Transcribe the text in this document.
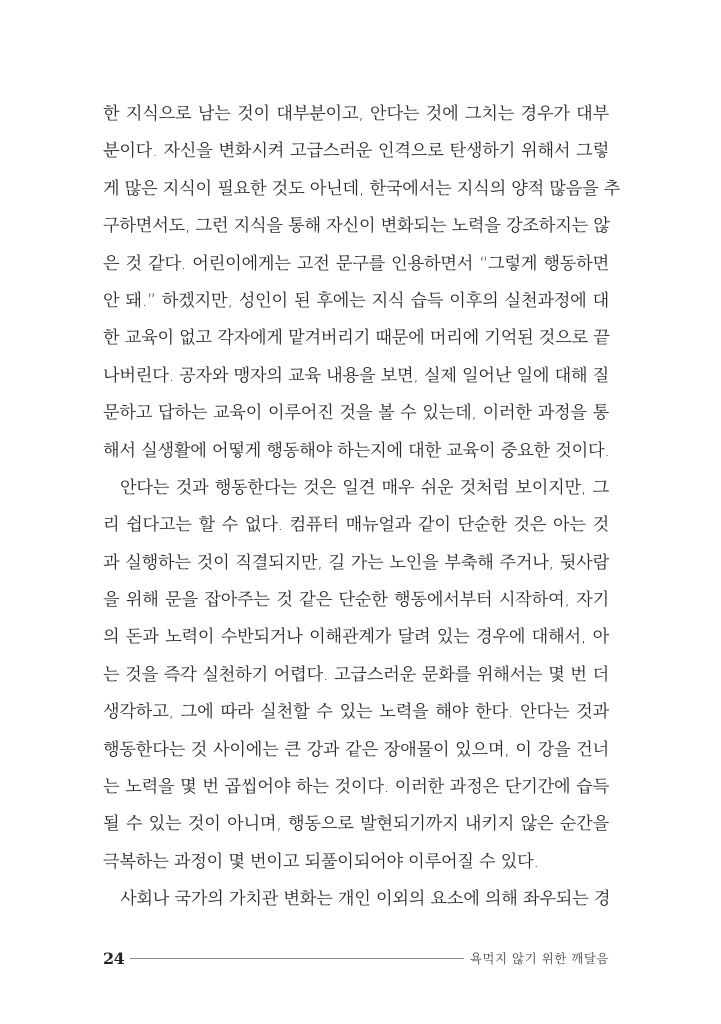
한 지식으로 남는 것이 대부분이고, 안다는 것에 그치는 경우가 대부
분이다. 자신을 변화시켜 고급스러운 인격으로 탄생하기 위해서 그렇
게 많은 지식이 필요한 것도 아닌데, 한국에서는 지식의 양적 많음을 추
구하면서도, 그런 지식을 통해 자신이 변화되는 노력을 강조하지는 않
은 것 같다. 어린이에게는 고전 문구를 인용하면서 “그렇게 행동하면
안 돼.” 하겠지만, 성인이 된 후에는 지식 습득 이후의 실천과정에 대
한 교육이 없고 각자에게 맡겨버리기 때문에 머리에 기억된 것으로 끝
나버린다. 공자와 맹자의 교육 내용을 보면, 실제 일어난 일에 대해 질
문하고 답하는 교육이 이루어진 것을 볼 수 있는데, 이러한 과정을 통
해서 실생활에 어떻게 행동해야 하는지에 대한 교육이 중요한 것이다.
안다는 것과 행동한다는 것은 일견 매우 쉬운 것처럼 보이지만, 그
리 쉽다고는 할 수 없다. 컴퓨터 매뉴얼과 같이 단순한 것은 아는 것
과 실행하는 것이 직결되지만, 길 가는 노인을 부축해 주거나, 뒷사람
을 위해 문을 잡아주는 것 같은 단순한 행동에서부터 시작하여, 자기
의 돈과 노력이 수반되거나 이해관계가 달려 있는 경우에 대해서, 아
는 것을 즉각 실천하기 어렵다. 고급스러운 문화를 위해서는 몇 번 더
생각하고, 그에 따라 실천할 수 있는 노력을 해야 한다. 안다는 것과
행동한다는 것 사이에는 큰 강과 같은 장애물이 있으며, 이 강을 건너
는 노력을 몇 번 곱씹어야 하는 것이다. 이러한 과정은 단기간에 습득
될 수 있는 것이 아니며, 행동으로 발현되기까지 내키지 않은 순간을
극복하는 과정이 몇 번이고 되풀이되어야 이루어질 수 있다.
사회나 국가의 가치관 변화는 개인 이외의 요소에 의해 좌우되는 경
24	욕먹지 않기 위한 깨달음
